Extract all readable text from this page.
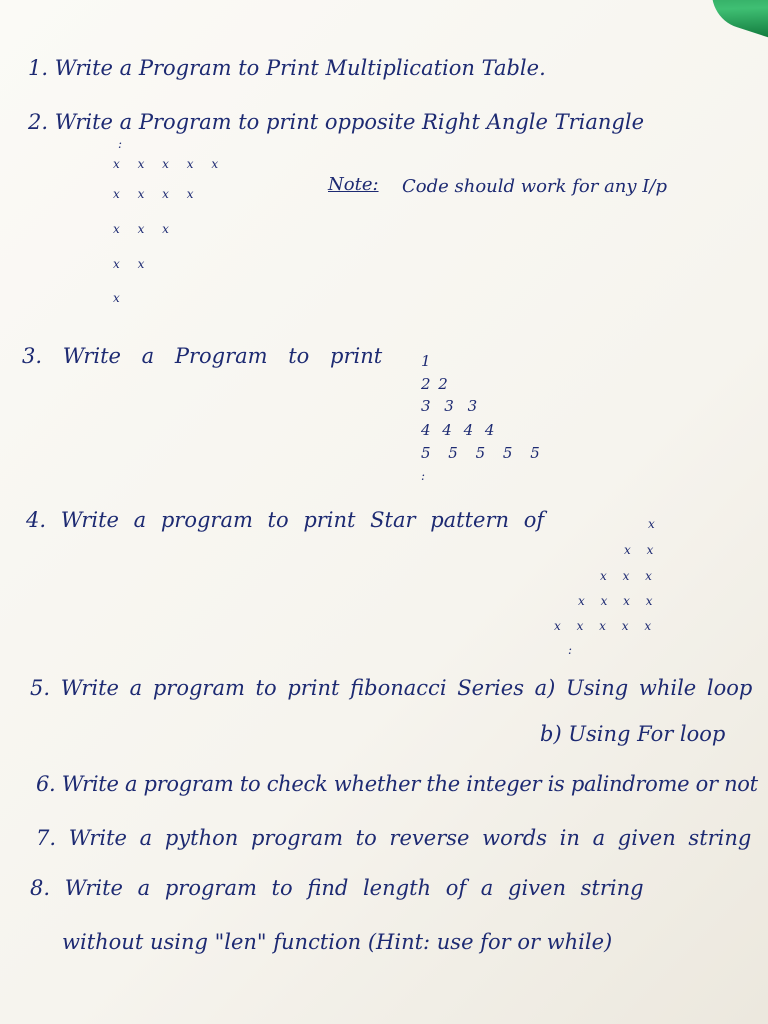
1. Write a Program to Print Multiplication Table.
2. Write a Program to print opposite Right Angle Triangle
:
x x x x x
x x x x
x x x
x x
x
Note: Code should work for any I/p
3. Write a Program to print	1
2 2
3 3 3
4 4 4 4
5 5 5 5 5
:
4. Write a program to print Star pattern of	x
x x
x x x
x x x x
x x x x x
:
5. Write a program to print fibonacci Series a) Using while loop
b) Using For loop
6. Write a program to check whether the integer is palindrome or not
7. Write a python program to reverse words in a given string
8. Write a program to find length of a given string
without using "len" function (Hint: use for or while)
